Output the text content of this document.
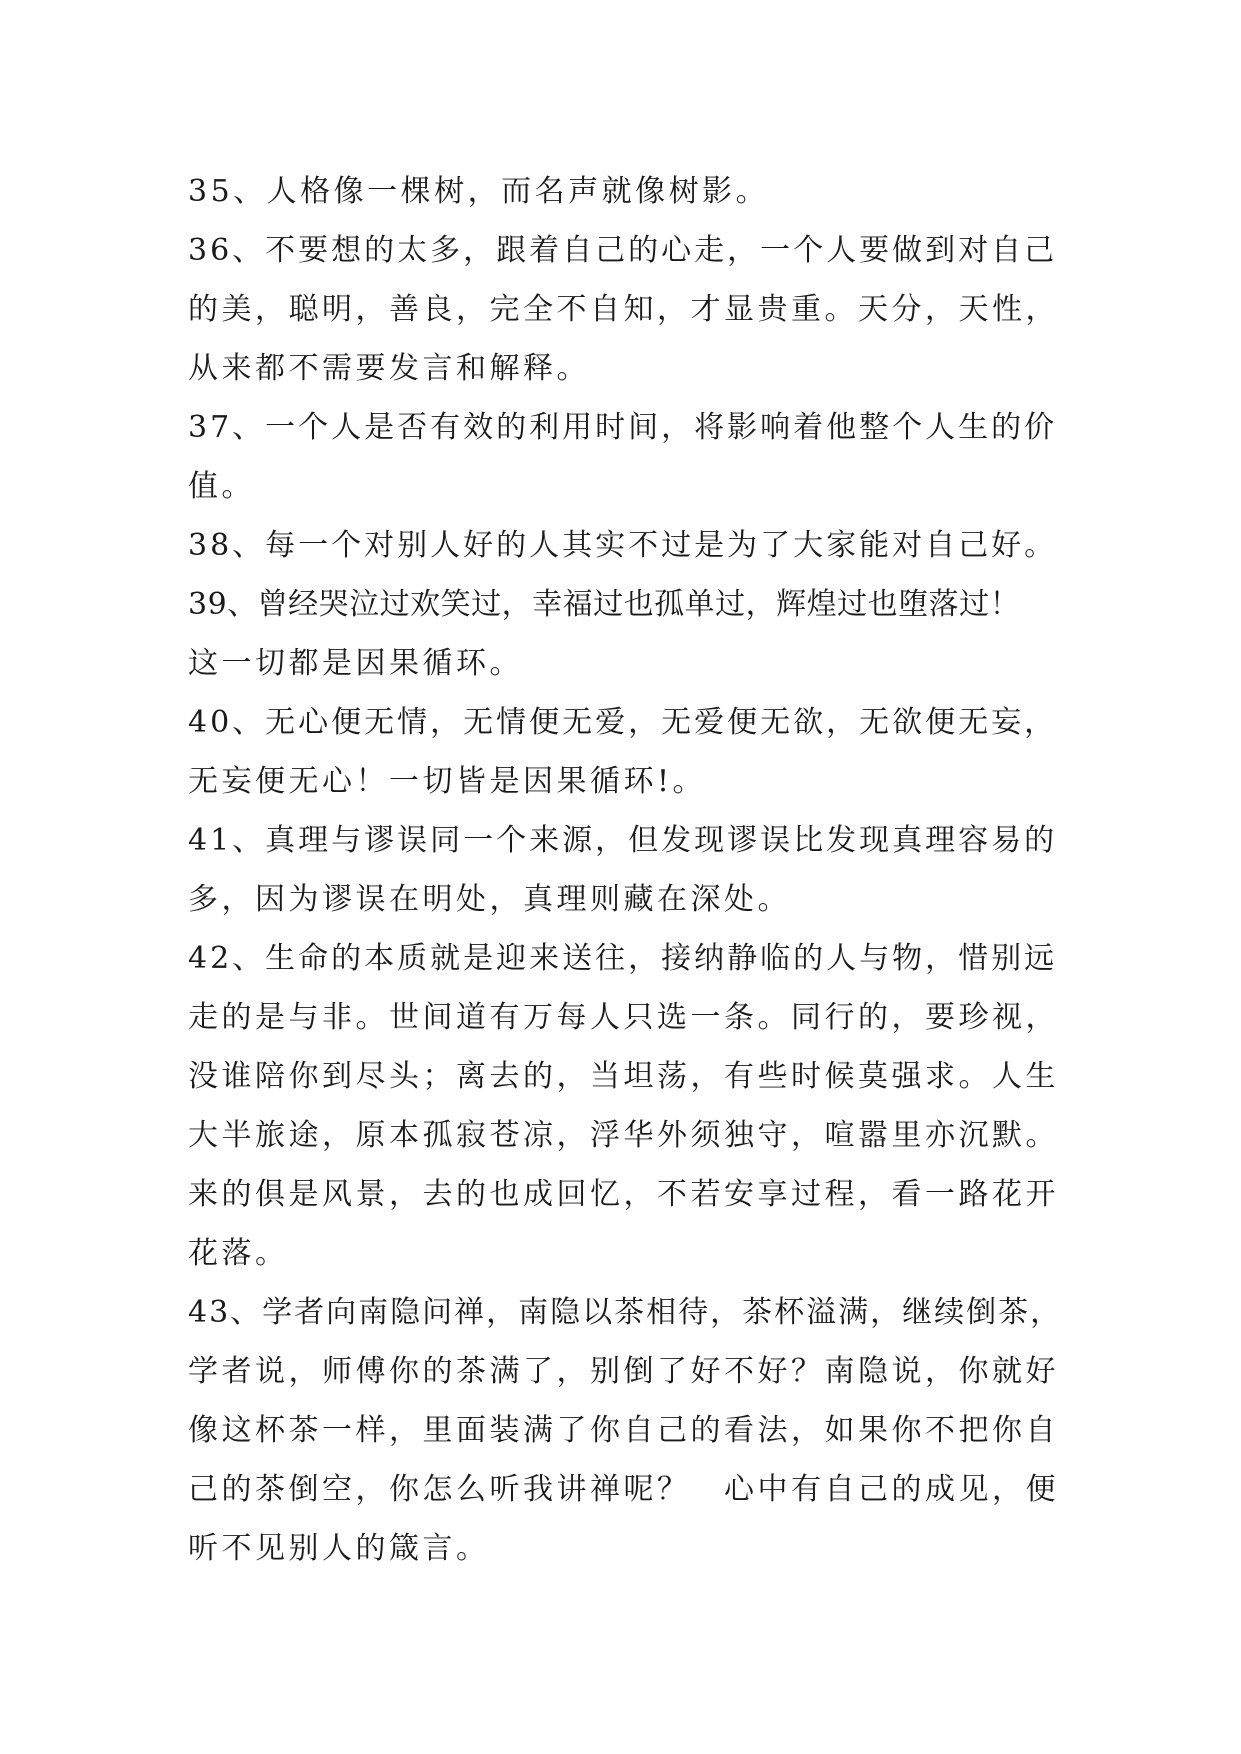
35、人格像一棵树，而名声就像树影。
36、不要想的太多，跟着自己的心走，一个人要做到对自己
的美，聪明，善良，完全不自知，才显贵重。天分，天性，
从来都不需要发言和解释。
37、一个人是否有效的利用时间，将影响着他整个人生的价
值。
38、每一个对别人好的人其实不过是为了大家能对自己好。
39、曾经哭泣过欢笑过，幸福过也孤单过，辉煌过也堕落过！
这一切都是因果循环。
40、无心便无情，无情便无爱，无爱便无欲，无欲便无妄，
无妄便无心！一切皆是因果循环!。
41、真理与谬误同一个来源，但发现谬误比发现真理容易的
多，因为谬误在明处，真理则藏在深处。
42、生命的本质就是迎来送往，接纳静临的人与物，惜别远
走的是与非。世间道有万每人只选一条。同行的，要珍视，
没谁陪你到尽头；离去的，当坦荡，有些时候莫强求。人生
大半旅途，原本孤寂苍凉，浮华外须独守，喧嚣里亦沉默。
来的俱是风景，去的也成回忆，不若安享过程，看一路花开
花落。
43、学者向南隐问禅，南隐以茶相待，茶杯溢满，继续倒茶，
学者说，师傅你的茶满了，别倒了好不好？南隐说，你就好
像这杯茶一样，里面装满了你自己的看法，如果你不把你自
己的茶倒空，你怎么听我讲禅呢？　心中有自己的成见，便
听不见别人的箴言。
